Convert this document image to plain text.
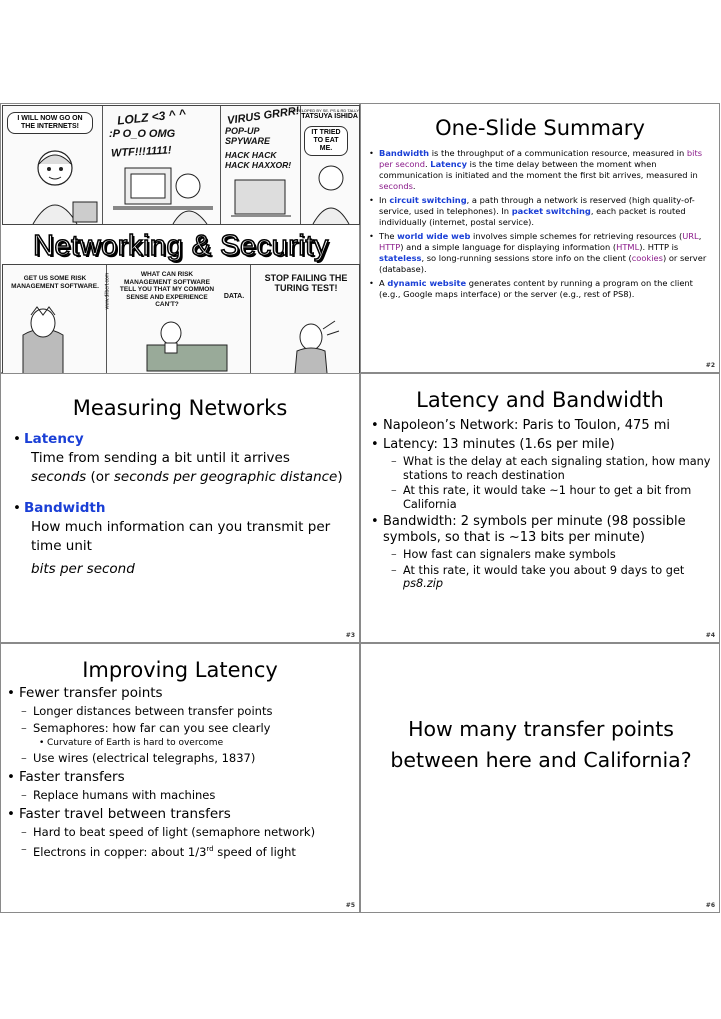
I WILL NOW GO ON THE INTERNETS!	LOLZ <3 ^ ^
:P O_O OMG
WTF!!!1111!
VIRUS GRRR!
POP-UP SPYWARE
HACK HACK HACK HAXXOR!
DEVELOPED BY SE, PS & RD TALLY
TATSUYA ISHIDA
IT TRIED TO EAT ME.
Networking & Security
GET US SOME RISK MANAGEMENT SOFTWARE. www.dilbert.com	WHAT CAN RISK MANAGEMENT SOFTWARE TELL YOU THAT MY COMMON SENSE AND EXPERIENCE CAN'T?
DATA.
STOP FAILING THE TURING TEST!
One-Slide Summary
• Bandwidth is the throughput of a communication resource, measured in bits per second. Latency is the time delay between the moment when communication is initiated and the moment the first bit arrives, measured in seconds.
• In circuit switching, a path through a network is reserved (high quality-of-service, used in telephones). In packet switching, each packet is routed individually (internet, postal service).
• The world wide web involves simple schemes for retrieving resources (URL, HTTP) and a simple language for displaying information (HTML). HTTP is stateless, so long-running sessions store info on the client (cookies) or server (database).
• A dynamic website generates content by running a program on the client (e.g., Google maps interface) or the server (e.g., rest of PS8).
#2
Measuring Networks
• Latency
Time from sending a bit until it arrives
seconds (or seconds per geographic distance)
• Bandwidth
How much information can you transmit per time unit
bits per second
#3
Latency and Bandwidth
• Napoleon’s Network: Paris to Toulon, 475 mi
• Latency: 13 minutes (1.6s per mile)
– What is the delay at each signaling station, how many stations to reach destination
– At this rate, it would take ~1 hour to get a bit from California
• Bandwidth: 2 symbols per minute (98 possible symbols, so that is ~13 bits per minute)
– How fast can signalers make symbols
– At this rate, it would take you about 9 days to get ps8.zip
#4
Improving Latency
• Fewer transfer points
– Longer distances between transfer points
– Semaphores: how far can you see clearly
• Curvature of Earth is hard to overcome
– Use wires (electrical telegraphs, 1837)
• Faster transfers
– Replace humans with machines
• Faster travel between transfers
– Hard to beat speed of light (semaphore network)
– Electrons in copper: about 1/3rd speed of light
#5
How many transfer points between here and California?
#6
